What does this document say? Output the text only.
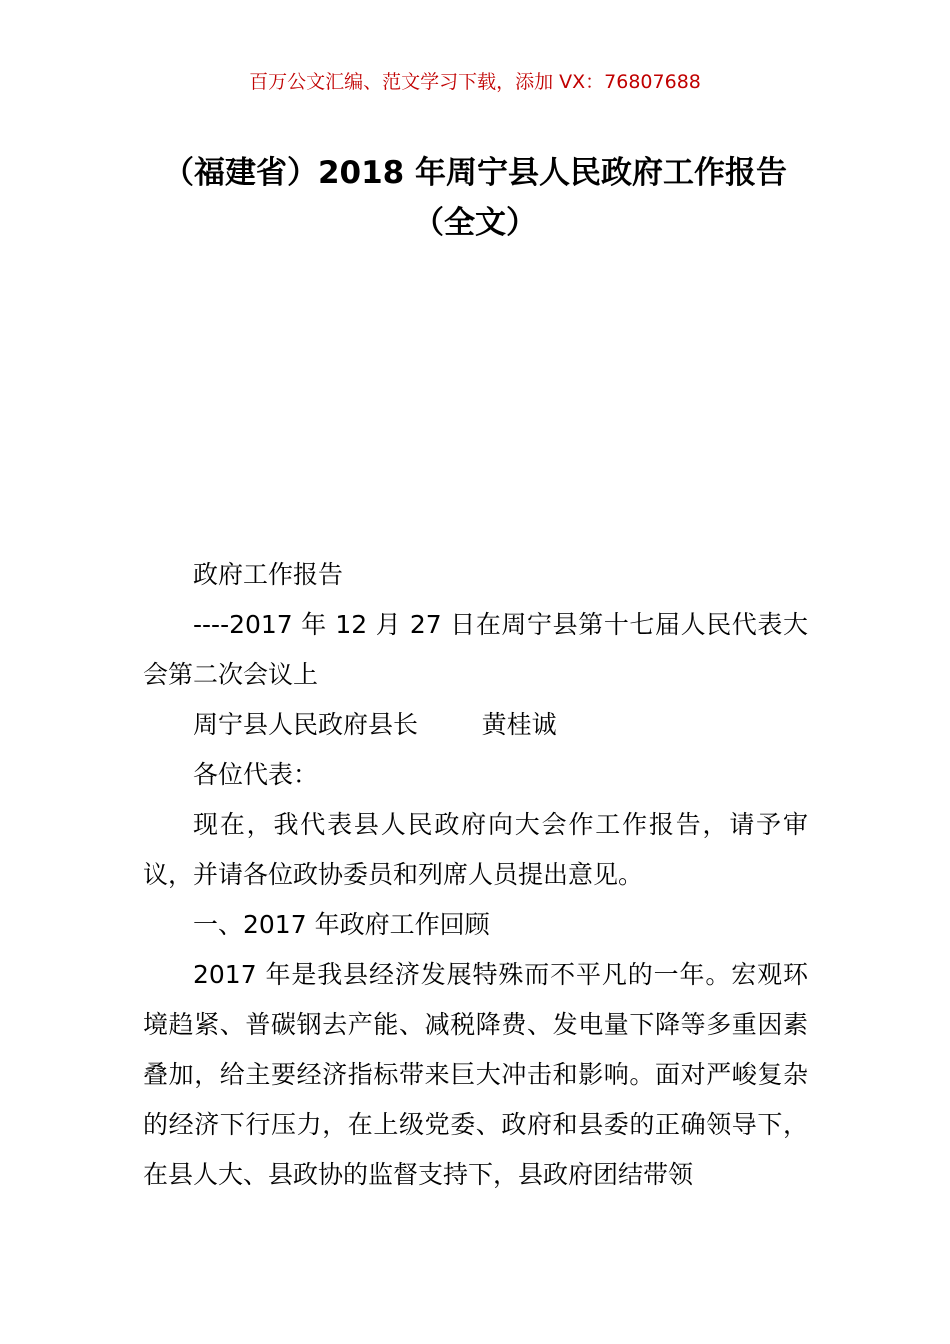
百万公文汇编、范文学习下载，添加 VX：76807688
（福建省）2018 年周宁县人民政府工作报告（全文）

政府工作报告

----2017 年 12 月 27 日在周宁县第十七届人民代表大会第二次会议上

周宁县人民政府县长	黄桂诚

各位代表：

现在，我代表县人民政府向大会作工作报告，请予审议，并请各位政协委员和列席人员提出意见。

一、2017 年政府工作回顾

2017 年是我县经济发展特殊而不平凡的一年。宏观环境趋紧、普碳钢去产能、减税降费、发电量下降等多重因素叠加，给主要经济指标带来巨大冲击和影响。面对严峻复杂的经济下行压力，在上级党委、政府和县委的正确领导下，在县人大、县政协的监督支持下，县政府团结带领
